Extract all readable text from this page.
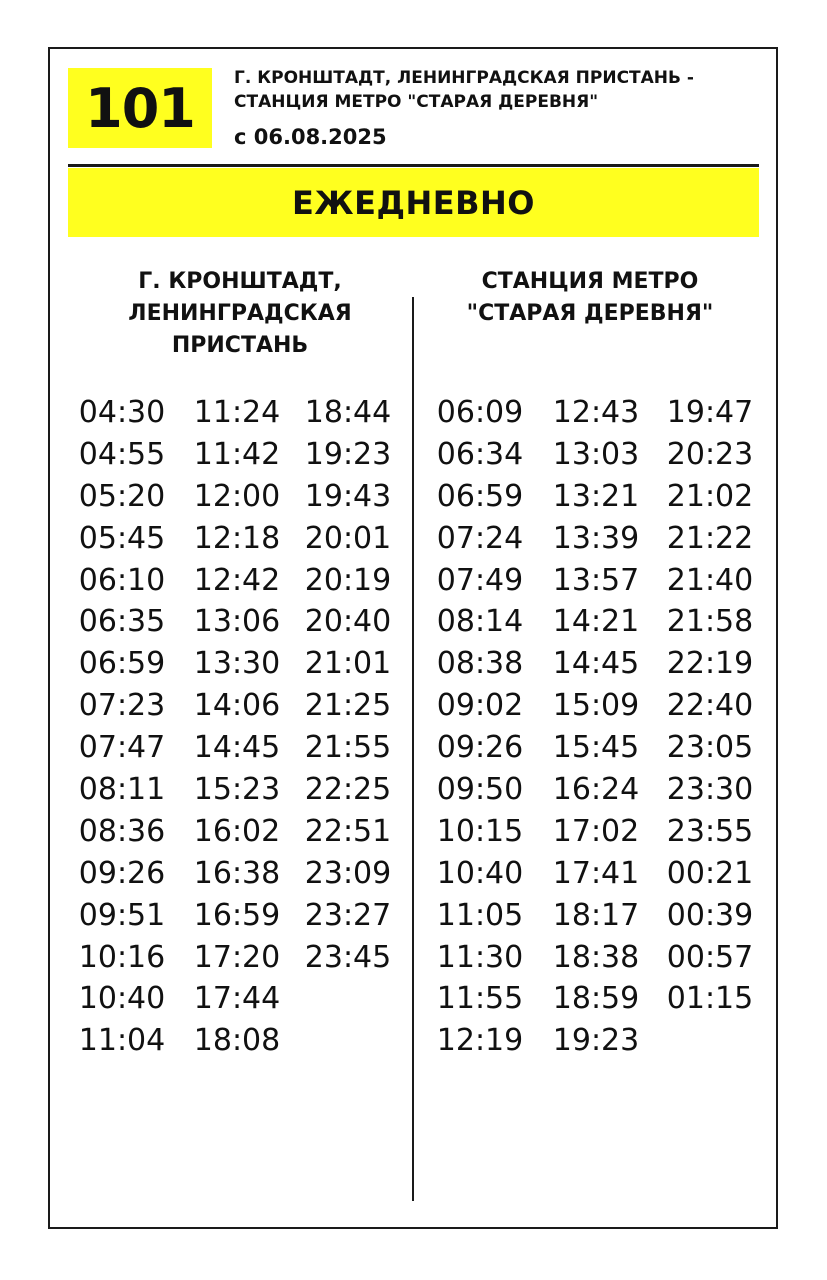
101 Г. КРОНШТАДТ, ЛЕНИНГРАДСКАЯ ПРИСТАНЬ -
СТАНЦИЯ МЕТРО "СТАРАЯ ДЕРЕВНЯ"
с 06.08.2025
ЕЖЕДНЕВНО
Г. КРОНШТАДТ,
ЛЕНИНГРАДСКАЯ
ПРИСТАНЬ
СТАНЦИЯ МЕТРО
"СТАРАЯ ДЕРЕВНЯ"
04:30
04:55
05:20
05:45
06:10
06:35
06:59
07:23
07:47
08:11
08:36
09:26
09:51
10:16
10:40
11:04
11:24
11:42
12:00
12:18
12:42
13:06
13:30
14:06
14:45
15:23
16:02
16:38
16:59
17:20
17:44
18:08
18:44
19:23
19:43
20:01
20:19
20:40
21:01
21:25
21:55
22:25
22:51
23:09
23:27
23:45
06:09
06:34
06:59
07:24
07:49
08:14
08:38
09:02
09:26
09:50
10:15
10:40
11:05
11:30
11:55
12:19
12:43
13:03
13:21
13:39
13:57
14:21
14:45
15:09
15:45
16:24
17:02
17:41
18:17
18:38
18:59
19:23
19:47
20:23
21:02
21:22
21:40
21:58
22:19
22:40
23:05
23:30
23:55
00:21
00:39
00:57
01:15
